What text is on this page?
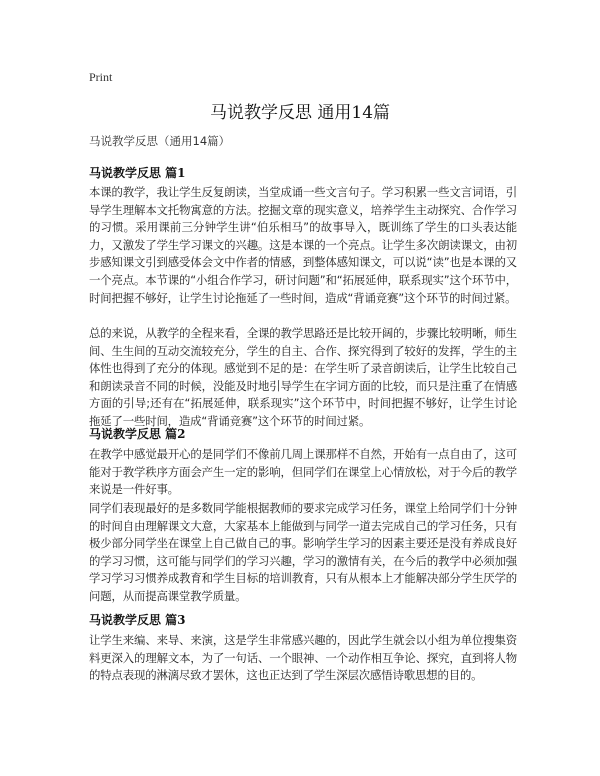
Print
马说教学反思 通用14篇
马说教学反思（通用14篇）
马说教学反思 篇1

本课的教学，我让学生反复朗读，当堂成诵一些文言句子。学习积累一些文言词语，引导学生理解本文托物寓意的方法。挖掘文章的现实意义，培养学生主动探究、合作学习的习惯。采用课前三分钟学生讲“伯乐相马”的故事导入，既训练了学生的口头表达能力，又激发了学生学习课文的兴趣。这是本课的一个亮点。让学生多次朗读课文，由初步感知课文引到感受体会文中作者的情感，到整体感知课文，可以说“读”也是本课的又一个亮点。本节课的“小组合作学习，研讨问题”和“拓展延伸，联系现实”这个环节中，时间把握不够好，让学生讨论拖延了一些时间，造成“背诵竞赛”这个环节的时间过紧。

总的来说，从教学的全程来看，全课的教学思路还是比较开阔的，步骤比较明晰，师生间、生生间的互动交流较充分，学生的自主、合作、探究得到了较好的发挥，学生的主体性也得到了充分的体现。感觉到不足的是：在学生听了录音朗读后，让学生比较自己和朗读录音不同的时候，没能及时地引导学生在字词方面的比较，而只是注重了在情感方面的引导;还有在“拓展延伸，联系现实”这个环节中，时间把握不够好，让学生讨论拖延了一些时间，造成“背诵竞赛”这个环节的时间过紧。

马说教学反思 篇2

在教学中感觉最开心的是同学们不像前几周上课那样不自然，开始有一点自由了，这可能对于教学秩序方面会产生一定的影响，但同学们在课堂上心情放松，对于今后的教学来说是一件好事。

同学们表现最好的是多数同学能根据教师的要求完成学习任务，课堂上给同学们十分钟的时间自由理解课文大意，大家基本上能做到与同学一道去完成自己的学习任务，只有极少部分同学坐在课堂上自己做自己的事。影响学生学习的因素主要还是没有养成良好的学习习惯，这可能与同学们的学习兴趣，学习的激情有关，在今后的教学中必须加强学习学习习惯养成教育和学生目标的培训教育，只有从根本上才能解决部分学生厌学的问题，从而提高课堂教学质量。

马说教学反思 篇3

让学生来编、来导、来演，这是学生非常感兴趣的，因此学生就会以小组为单位搜集资料更深入的理解文本，为了一句话、一个眼神、一个动作相互争论、探究，直到将人物的特点表现的淋漓尽致才罢休，这也正达到了学生深层次感悟诗歌思想的目的。
